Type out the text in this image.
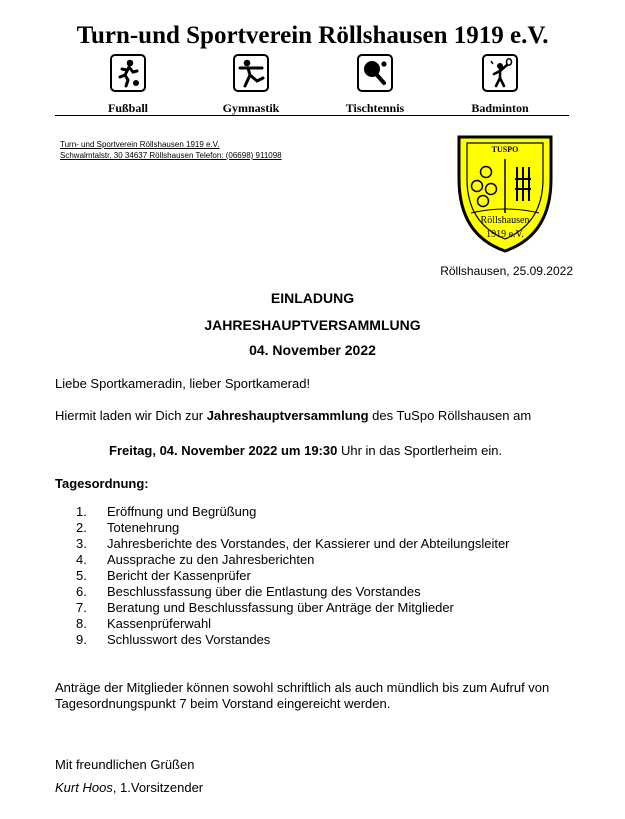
Turn-und Sportverein Röllshausen 1919 e.V.
Fußball	Gymnastik	Tischtennis	Badminton
Turn- und Sportverein Röllshausen 1919 e.V.
Schwalmtalstr. 30 34637 Röllshausen Telefon: (06698) 911098
TUSPO
Röllshausen
1919 e.V.
Röllshausen, 25.09.2022
EINLADUNG
JAHRESHAUPTVERSAMMLUNG
04. November 2022
Liebe Sportkameradin, lieber Sportkamerad!
Hiermit laden wir Dich zur Jahreshauptversammlung des TuSpo Röllshausen am
Freitag, 04. November 2022 um 19:30 Uhr in das Sportlerheim ein.
Tagesordnung:
1. Eröffnung und Begrüßung
2. Totenehrung
3. Jahresberichte des Vorstandes, der Kassierer und der Abteilungsleiter
4. Aussprache zu den Jahresberichten
5. Bericht der Kassenprüfer
6. Beschlussfassung über die Entlastung des Vorstandes
7. Beratung und Beschlussfassung über Anträge der Mitglieder
8. Kassenprüferwahl
9. Schlusswort des Vorstandes
Anträge der Mitglieder können sowohl schriftlich als auch mündlich bis zum Aufruf von Tagesordnungspunkt 7 beim Vorstand eingereicht werden.
Mit freundlichen Grüßen
Kurt Hoos, 1.Vorsitzender
